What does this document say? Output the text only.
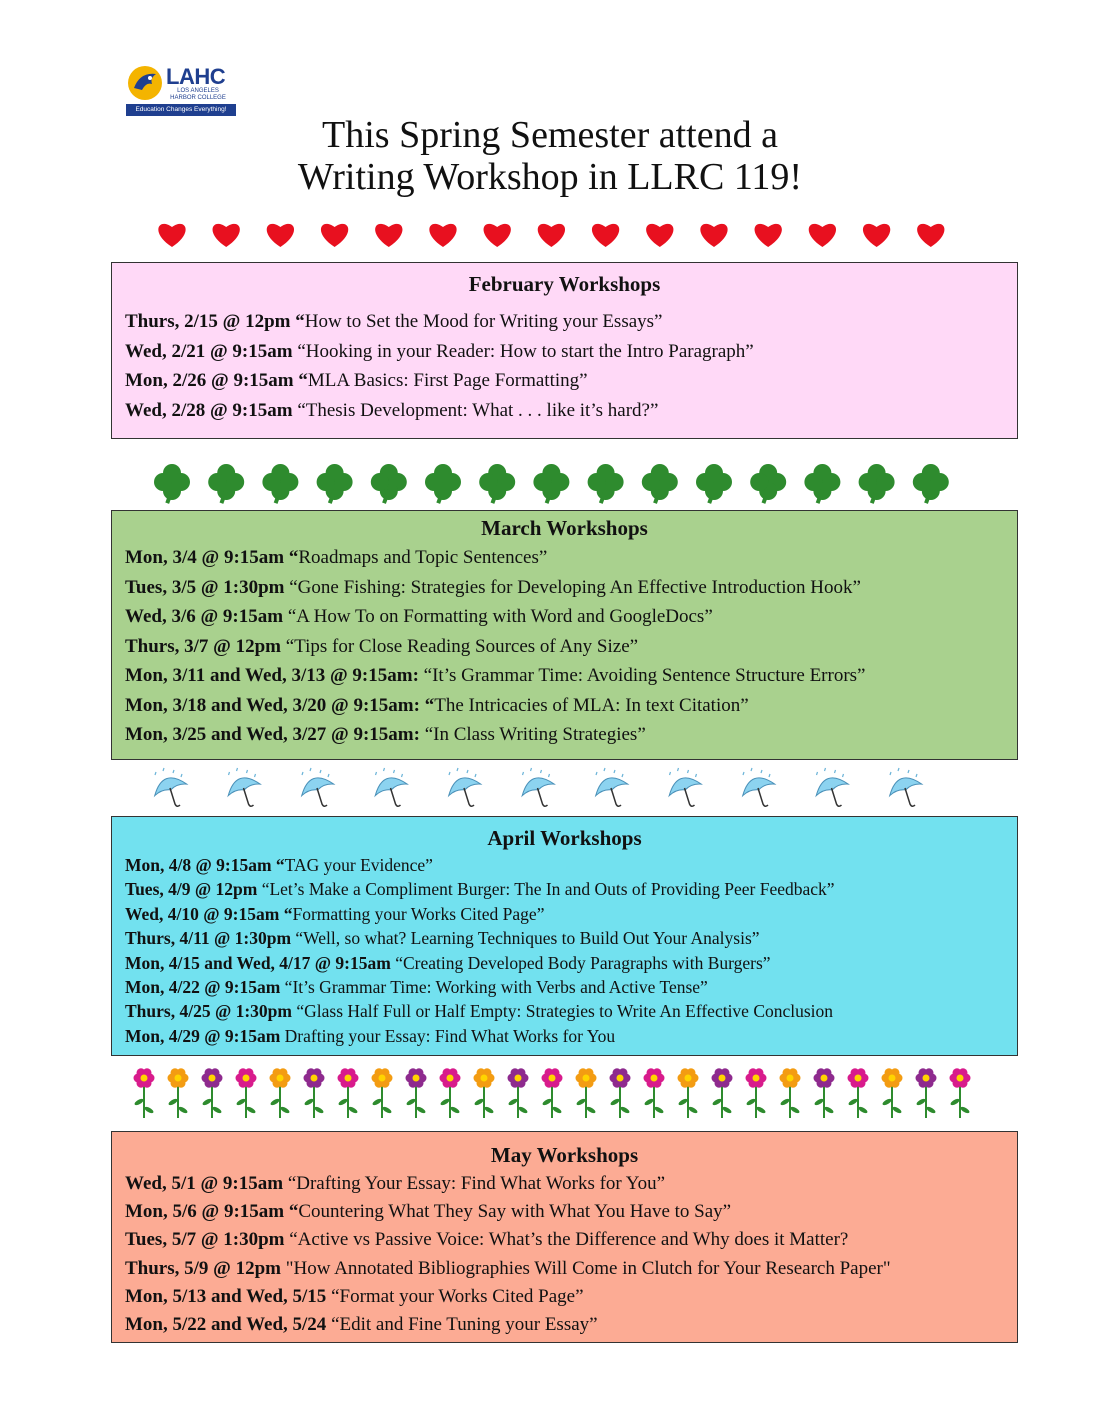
LAHC
LOS ANGELES HARBOR COLLEGE
Education Changes Everything!
This Spring Semester attend a
Writing Workshop in LLRC 119!
February Workshops
Thurs, 2/15 @ 12pm “How to Set the Mood for Writing your Essays”
Wed, 2/21 @ 9:15am “Hooking in your Reader: How to start the Intro Paragraph”
Mon, 2/26 @ 9:15am “MLA Basics: First Page Formatting”
Wed, 2/28 @ 9:15am “Thesis Development: What . . . like it’s hard?”
March Workshops
Mon, 3/4 @ 9:15am “Roadmaps and Topic Sentences”
Tues, 3/5 @ 1:30pm “Gone Fishing: Strategies for Developing An Effective Introduction Hook”
Wed, 3/6 @ 9:15am “A How To on Formatting with Word and GoogleDocs”
Thurs, 3/7 @ 12pm “Tips for Close Reading Sources of Any Size”
Mon, 3/11 and Wed, 3/13 @ 9:15am: “It’s Grammar Time: Avoiding Sentence Structure Errors”
Mon, 3/18 and Wed, 3/20 @ 9:15am: “The Intricacies of MLA: In text Citation”
Mon, 3/25 and Wed, 3/27 @ 9:15am: “In Class Writing Strategies”
April Workshops
Mon, 4/8 @ 9:15am “TAG your Evidence”
Tues, 4/9 @ 12pm “Let’s Make a Compliment Burger: The In and Outs of Providing Peer Feedback”
Wed, 4/10 @ 9:15am “Formatting your Works Cited Page”
Thurs, 4/11 @ 1:30pm “Well, so what? Learning Techniques to Build Out Your Analysis”
Mon, 4/15 and Wed, 4/17 @ 9:15am “Creating Developed Body Paragraphs with Burgers”
Mon, 4/22 @ 9:15am “It’s Grammar Time: Working with Verbs and Active Tense”
Thurs, 4/25 @ 1:30pm “Glass Half Full or Half Empty: Strategies to Write An Effective Conclusion
Mon, 4/29 @ 9:15am Drafting your Essay: Find What Works for You
May Workshops
Wed, 5/1 @ 9:15am “Drafting Your Essay: Find What Works for You”
Mon, 5/6 @ 9:15am “Countering What They Say with What You Have to Say”
Tues, 5/7 @ 1:30pm “Active vs Passive Voice: What’s the Difference and Why does it Matter?
Thurs, 5/9 @ 12pm "How Annotated Bibliographies Will Come in Clutch for Your Research Paper"
Mon, 5/13 and Wed, 5/15 “Format your Works Cited Page”
Mon, 5/22 and Wed, 5/24 “Edit and Fine Tuning your Essay”
